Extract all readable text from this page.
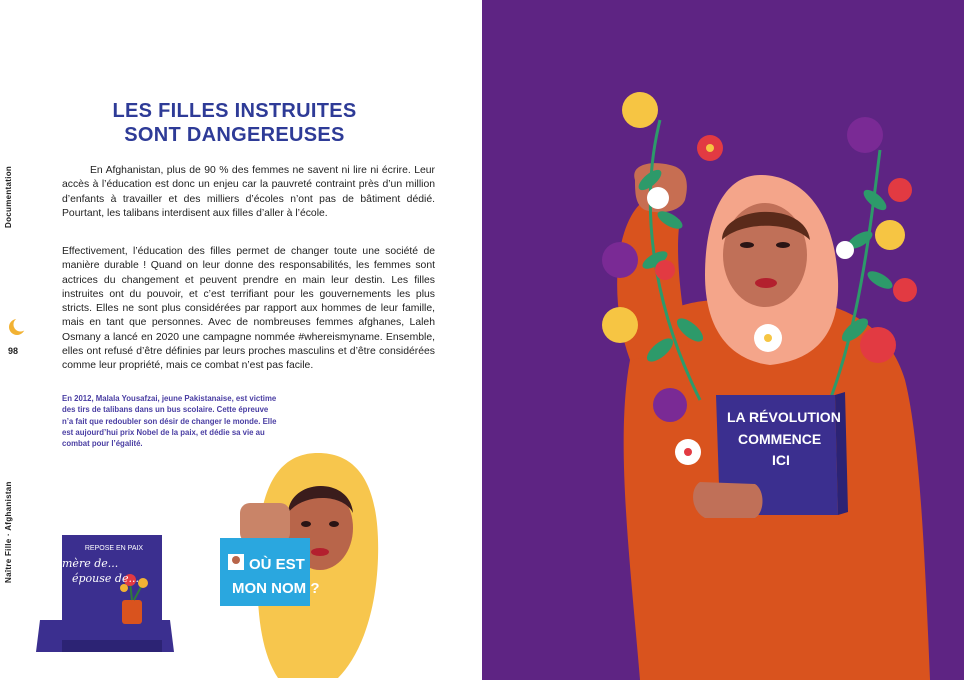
Documentation
98
Naître Fille · Afghanistan
LES FILLES INSTRUITES
SONT DANGEREUSES
En Afghanistan, plus de 90 % des femmes ne savent ni lire ni écrire. Leur accès à l’éducation est donc un enjeu car la pauvreté contraint près d’un million d’enfants à travailler et des milliers d’écoles n’ont pas de bâtiment dédié. Pourtant, les talibans interdisent aux filles d’aller à l’école.
Effectivement, l’éducation des filles permet de changer toute une société de manière durable ! Quand on leur donne des responsabilités, les femmes sont actrices du changement et peuvent prendre en main leur destin. Les filles instruites ont du pouvoir, et c’est terrifiant pour les gouvernements les plus stricts. Elles ne sont plus considérées par rapport aux hommes de leur famille, mais en tant que personnes. Avec de nombreuses femmes afghanes, Laleh Osmany a lancé en 2020 une campagne nommée #whereismyname. Ensemble, elles ont refusé d’être définies par leurs proches masculins et d’être considérées comme leur propriété, mais ce combat n’est pas facile.
En 2012, Malala Yousafzai, jeune Pakistanaise, est victime des tirs de talibans dans un bus scolaire. Cette épreuve n’a fait que redoubler son désir de changer le monde. Elle est aujourd’hui prix Nobel de la paix, et dédie sa vie au combat pour l’égalité.
REPOSE EN PAIX
mère de...
épouse de...
OÙ EST
MON NOM ?
LA RÉVOLUTION
COMMENCE
ICI
